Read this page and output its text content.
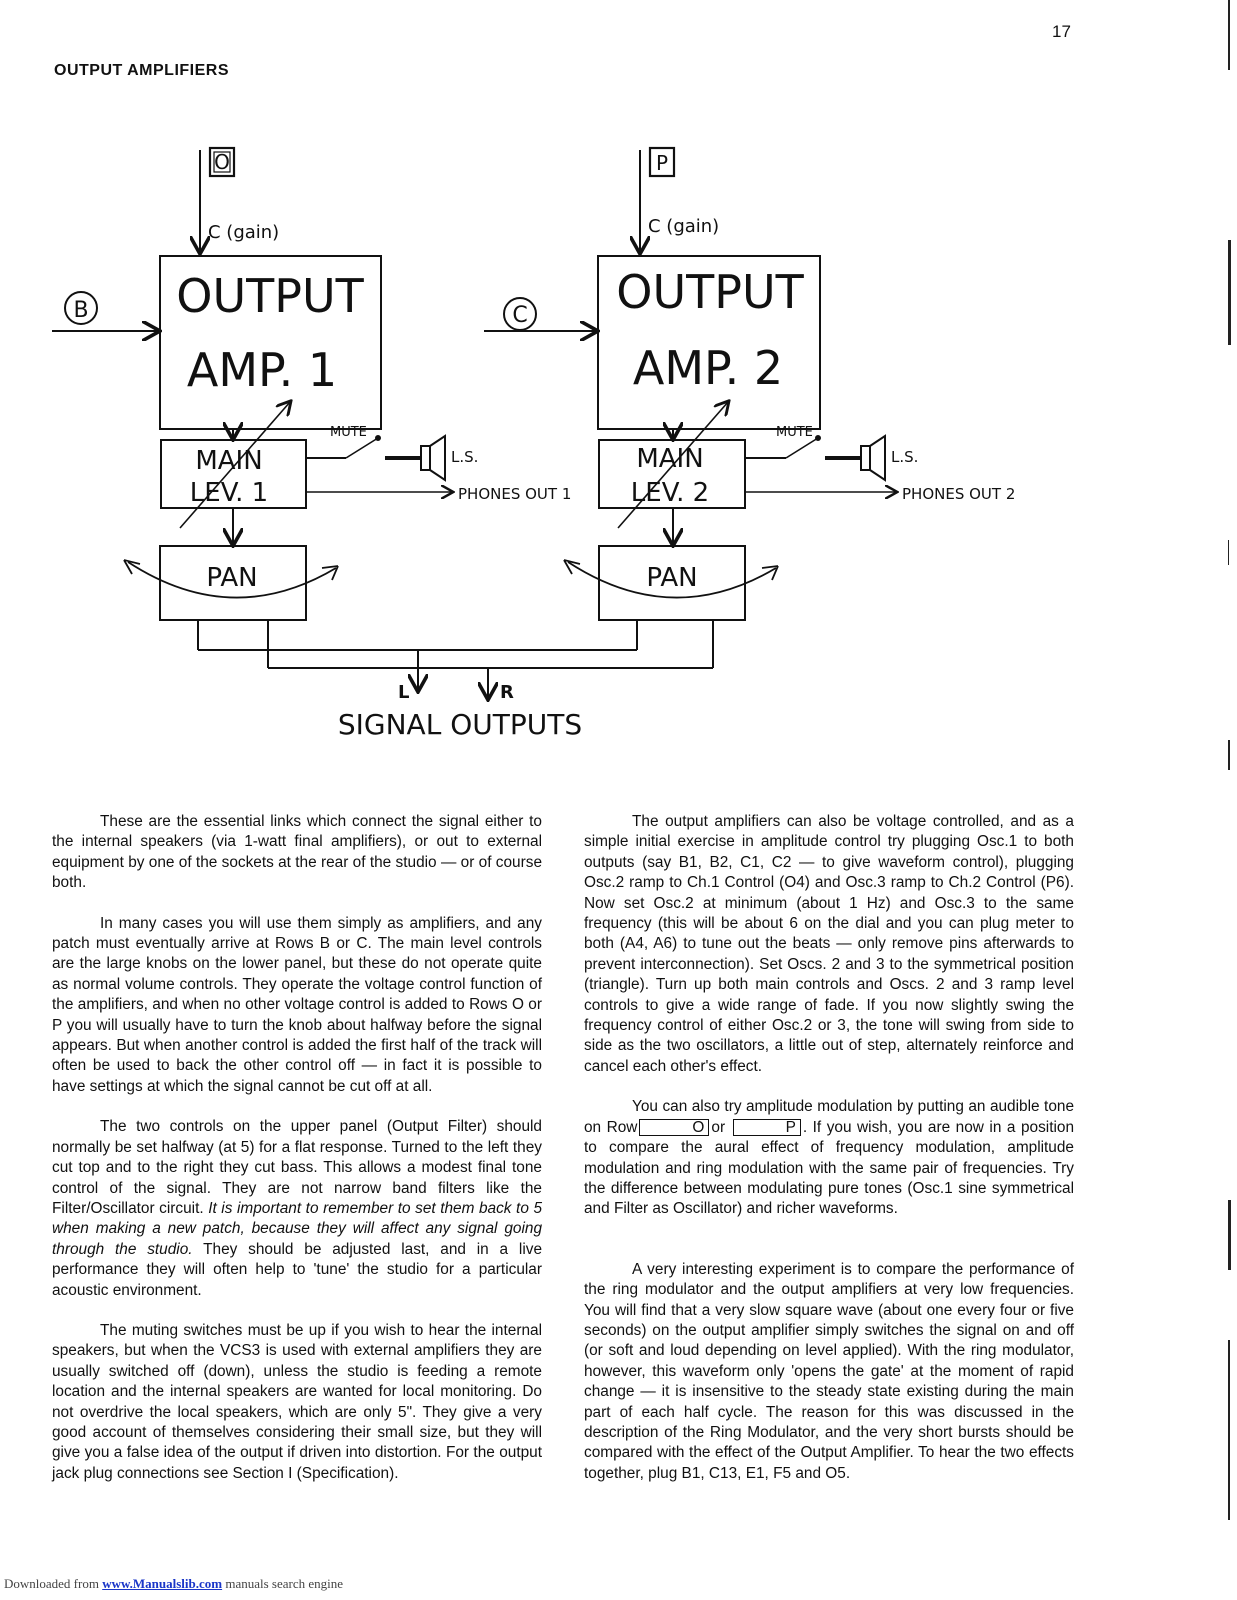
17
OUTPUT AMPLIFIERS
O
C (gain)
B OUTPUT
AMP. 1
MAIN
LEV. 1
MUTE
L.S.
PHONES OUT 1
PAN
P
C (gain)
C OUTPUT
AMP. 2
MAIN
LEV. 2
MUTE
L.S.
PHONES OUT 2
PAN
L	R
SIGNAL OUTPUTS

These are the essential links which connect the signal either to the internal speakers (via 1-watt final amplifiers), or out to external equipment by one of the sockets at the rear of the studio — or of course both.

In many cases you will use them simply as amplifiers, and any patch must eventually arrive at Rows B or C. The main level controls are the large knobs on the lower panel, but these do not operate quite as normal volume controls. They operate the voltage control function of the amplifiers, and when no other voltage control is added to Rows O or P you will usually have to turn the knob about halfway before the signal appears. But when another control is added the first half of the track will often be used to back the other control off — in fact it is possible to have settings at which the signal cannot be cut off at all.

The two controls on the upper panel (Output Filter) should normally be set halfway (at 5) for a flat response. Turned to the left they cut top and to the right they cut bass. This allows a modest final tone control of the signal. They are not narrow band filters like the Filter/Oscillator circuit. It is important to remember to set them back to 5 when making a new patch, because they will affect any signal going through the studio. They should be adjusted last, and in a live performance they will often help to 'tune' the studio for a particular acoustic environment.

The muting switches must be up if you wish to hear the internal speakers, but when the VCS3 is used with external amplifiers they are usually switched off (down), unless the studio is feeding a remote location and the internal speakers are wanted for local monitoring. Do not overdrive the local speakers, which are only 5". They give a very good account of themselves considering their small size, but they will give you a false idea of the output if driven into distortion. For the output jack plug connections see Section I (Specification).

The output amplifiers can also be voltage controlled, and as a simple initial exercise in amplitude control try plugging Osc.1 to both outputs (say B1, B2, C1, C2 — to give waveform control), plugging Osc.2 ramp to Ch.1 Control (O4) and Osc.3 ramp to Ch.2 Control (P6). Now set Osc.2 at minimum (about 1 Hz) and Osc.3 to the same frequency (this will be about 6 on the dial and you can plug meter to both (A4, A6) to tune out the beats — only remove pins afterwards to prevent interconnection). Set Oscs. 2 and 3 to the symmetrical position (triangle). Turn up both main controls and Oscs. 2 and 3 ramp level controls to give a wide range of fade. If you now slightly swing the frequency control of either Osc.2 or 3, the tone will swing from side to side as the two oscillators, a little out of step, alternately reinforce and cancel each other's effect.

You can also try amplitude modulation by putting an audible tone on Row	O or	P . If you wish, you are now in a position to compare the aural effect of frequency modulation, amplitude modulation and ring modulation with the same pair of frequencies. Try the difference between modulating pure tones (Osc.1 sine symmetrical and Filter as Oscillator) and richer waveforms.

A very interesting experiment is to compare the performance of the ring modulator and the output amplifiers at very low frequencies. You will find that a very slow square wave (about one every four or five seconds) on the output amplifier simply switches the signal on and off (or soft and loud depending on level applied). With the ring modulator, however, this waveform only 'opens the gate' at the moment of rapid change — it is insensitive to the steady state existing during the main part of each half cycle. The reason for this was discussed in the description of the Ring Modulator, and the very short bursts should be compared with the effect of the Output Amplifier. To hear the two effects together, plug B1, C13, E1, F5 and O5.

Downloaded from www.Manualslib.com manuals search engine
